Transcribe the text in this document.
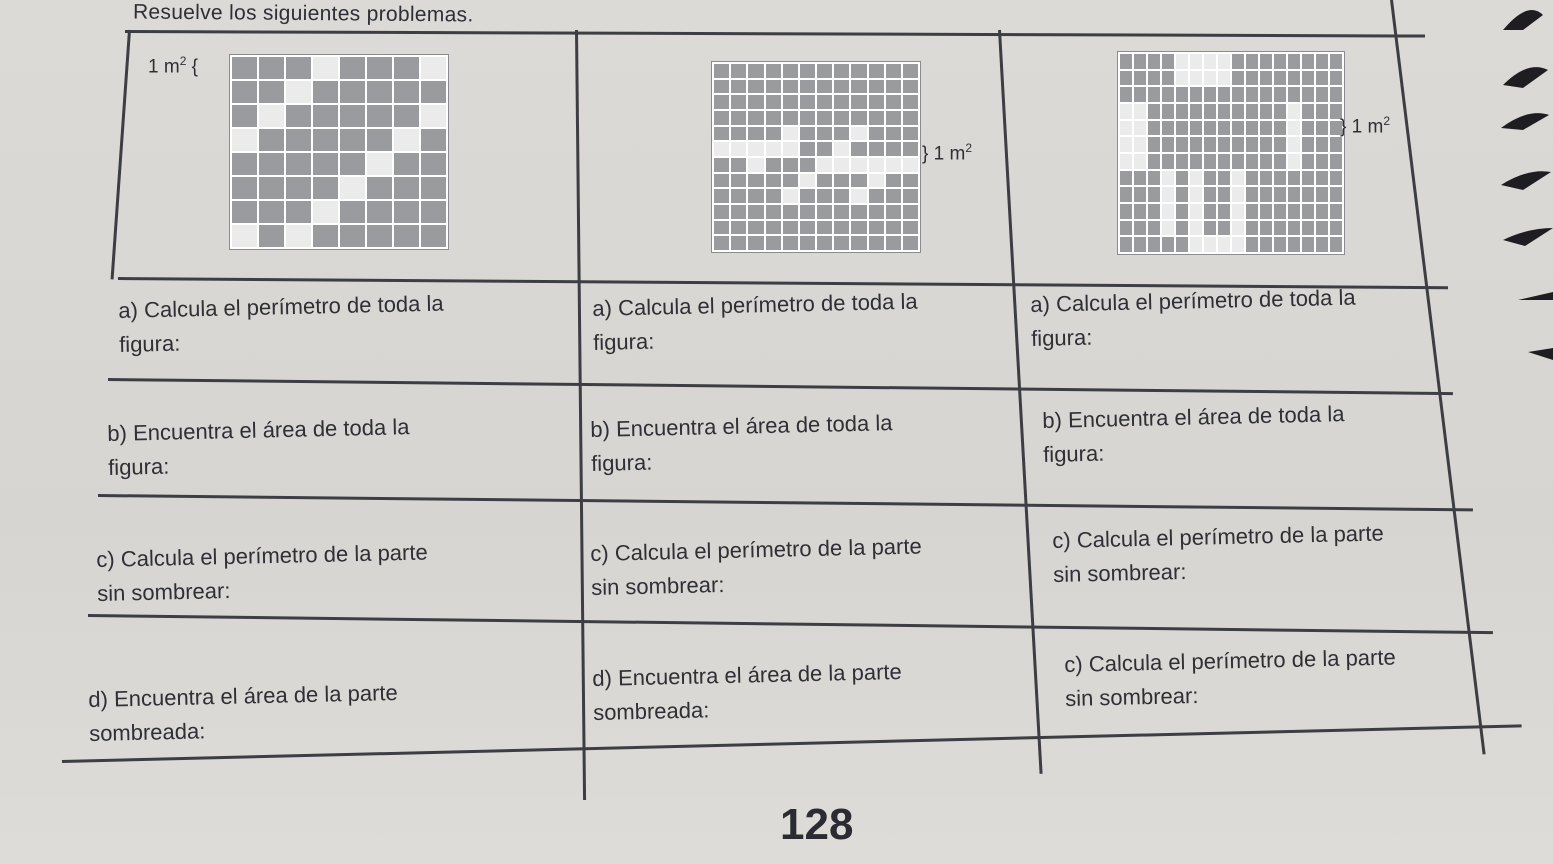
Resuelve los siguientes problemas.
1 $m^2$ {
} 1 $m^2$
} 1 $m^2$
a) Calcula el perímetro de toda la
figura:
b) Encuentra el área de toda la
figura:
c) Calcula el perímetro de la parte
sin sombrear:
d) Encuentra el área de la parte
sombreada:
a) Calcula el perímetro de toda la
figura:
b) Encuentra el área de toda la
figura:
c) Calcula el perímetro de la parte
sin sombrear:
d) Encuentra el área de la parte
sombreada:
a) Calcula el perímetro de toda la
figura:
b) Encuentra el área de toda la
figura:
c) Calcula el perímetro de la parte
sin sombrear:
c) Calcula el perímetro de la parte
sin sombrear:
128
